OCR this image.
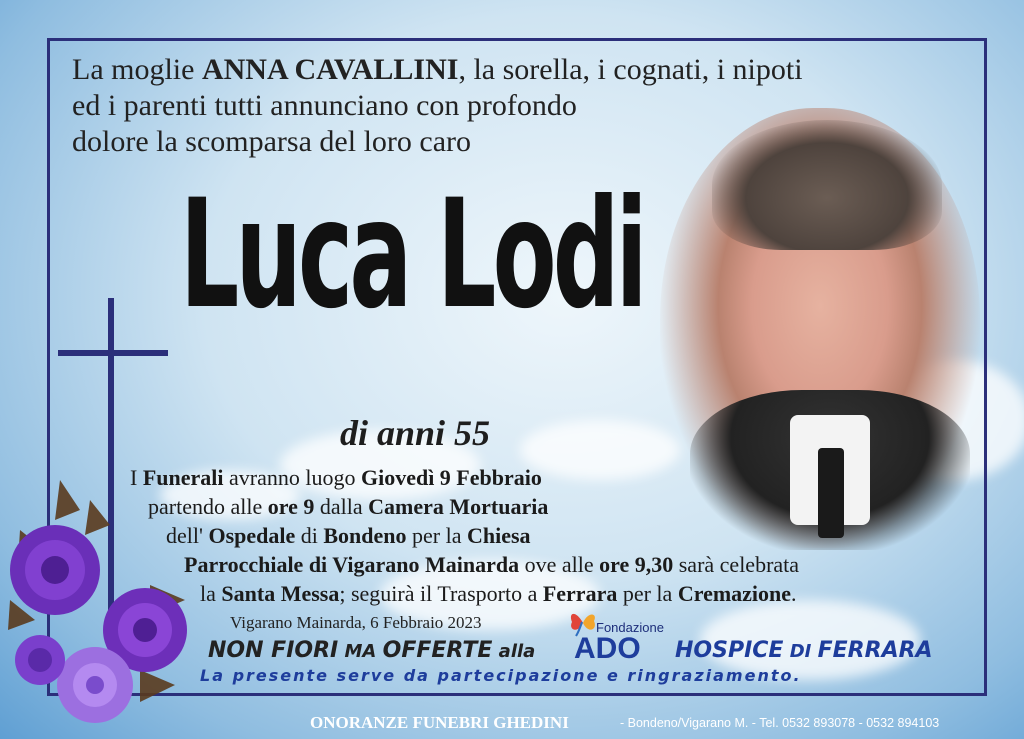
La moglie ANNA CAVALLINI, la sorella, i cognati, i nipoti
ed i parenti tutti annunciano con profondo
dolore la scomparsa del loro caro
Luca Lodi
di anni 55
I Funerali avranno luogo Giovedì 9 Febbraio
partendo alle ore 9 dalla Camera Mortuaria
dell' Ospedale di Bondeno per la Chiesa
Parrocchiale di Vigarano Mainarda ove alle ore 9,30 sarà celebrata
la Santa Messa; seguirà il Trasporto a Ferrara per la Cremazione.
Vigarano Mainarda, 6 Febbraio 2023
NON FIORI MA OFFERTE alla
Fondazione
ADO HOSPICE DI FERRARA
La presente serve da partecipazione e ringraziamento.
ONORANZE FUNEBRI GHEDINI	- Bondeno/Vigarano M. - Tel. 0532 893078 - 0532 894103
